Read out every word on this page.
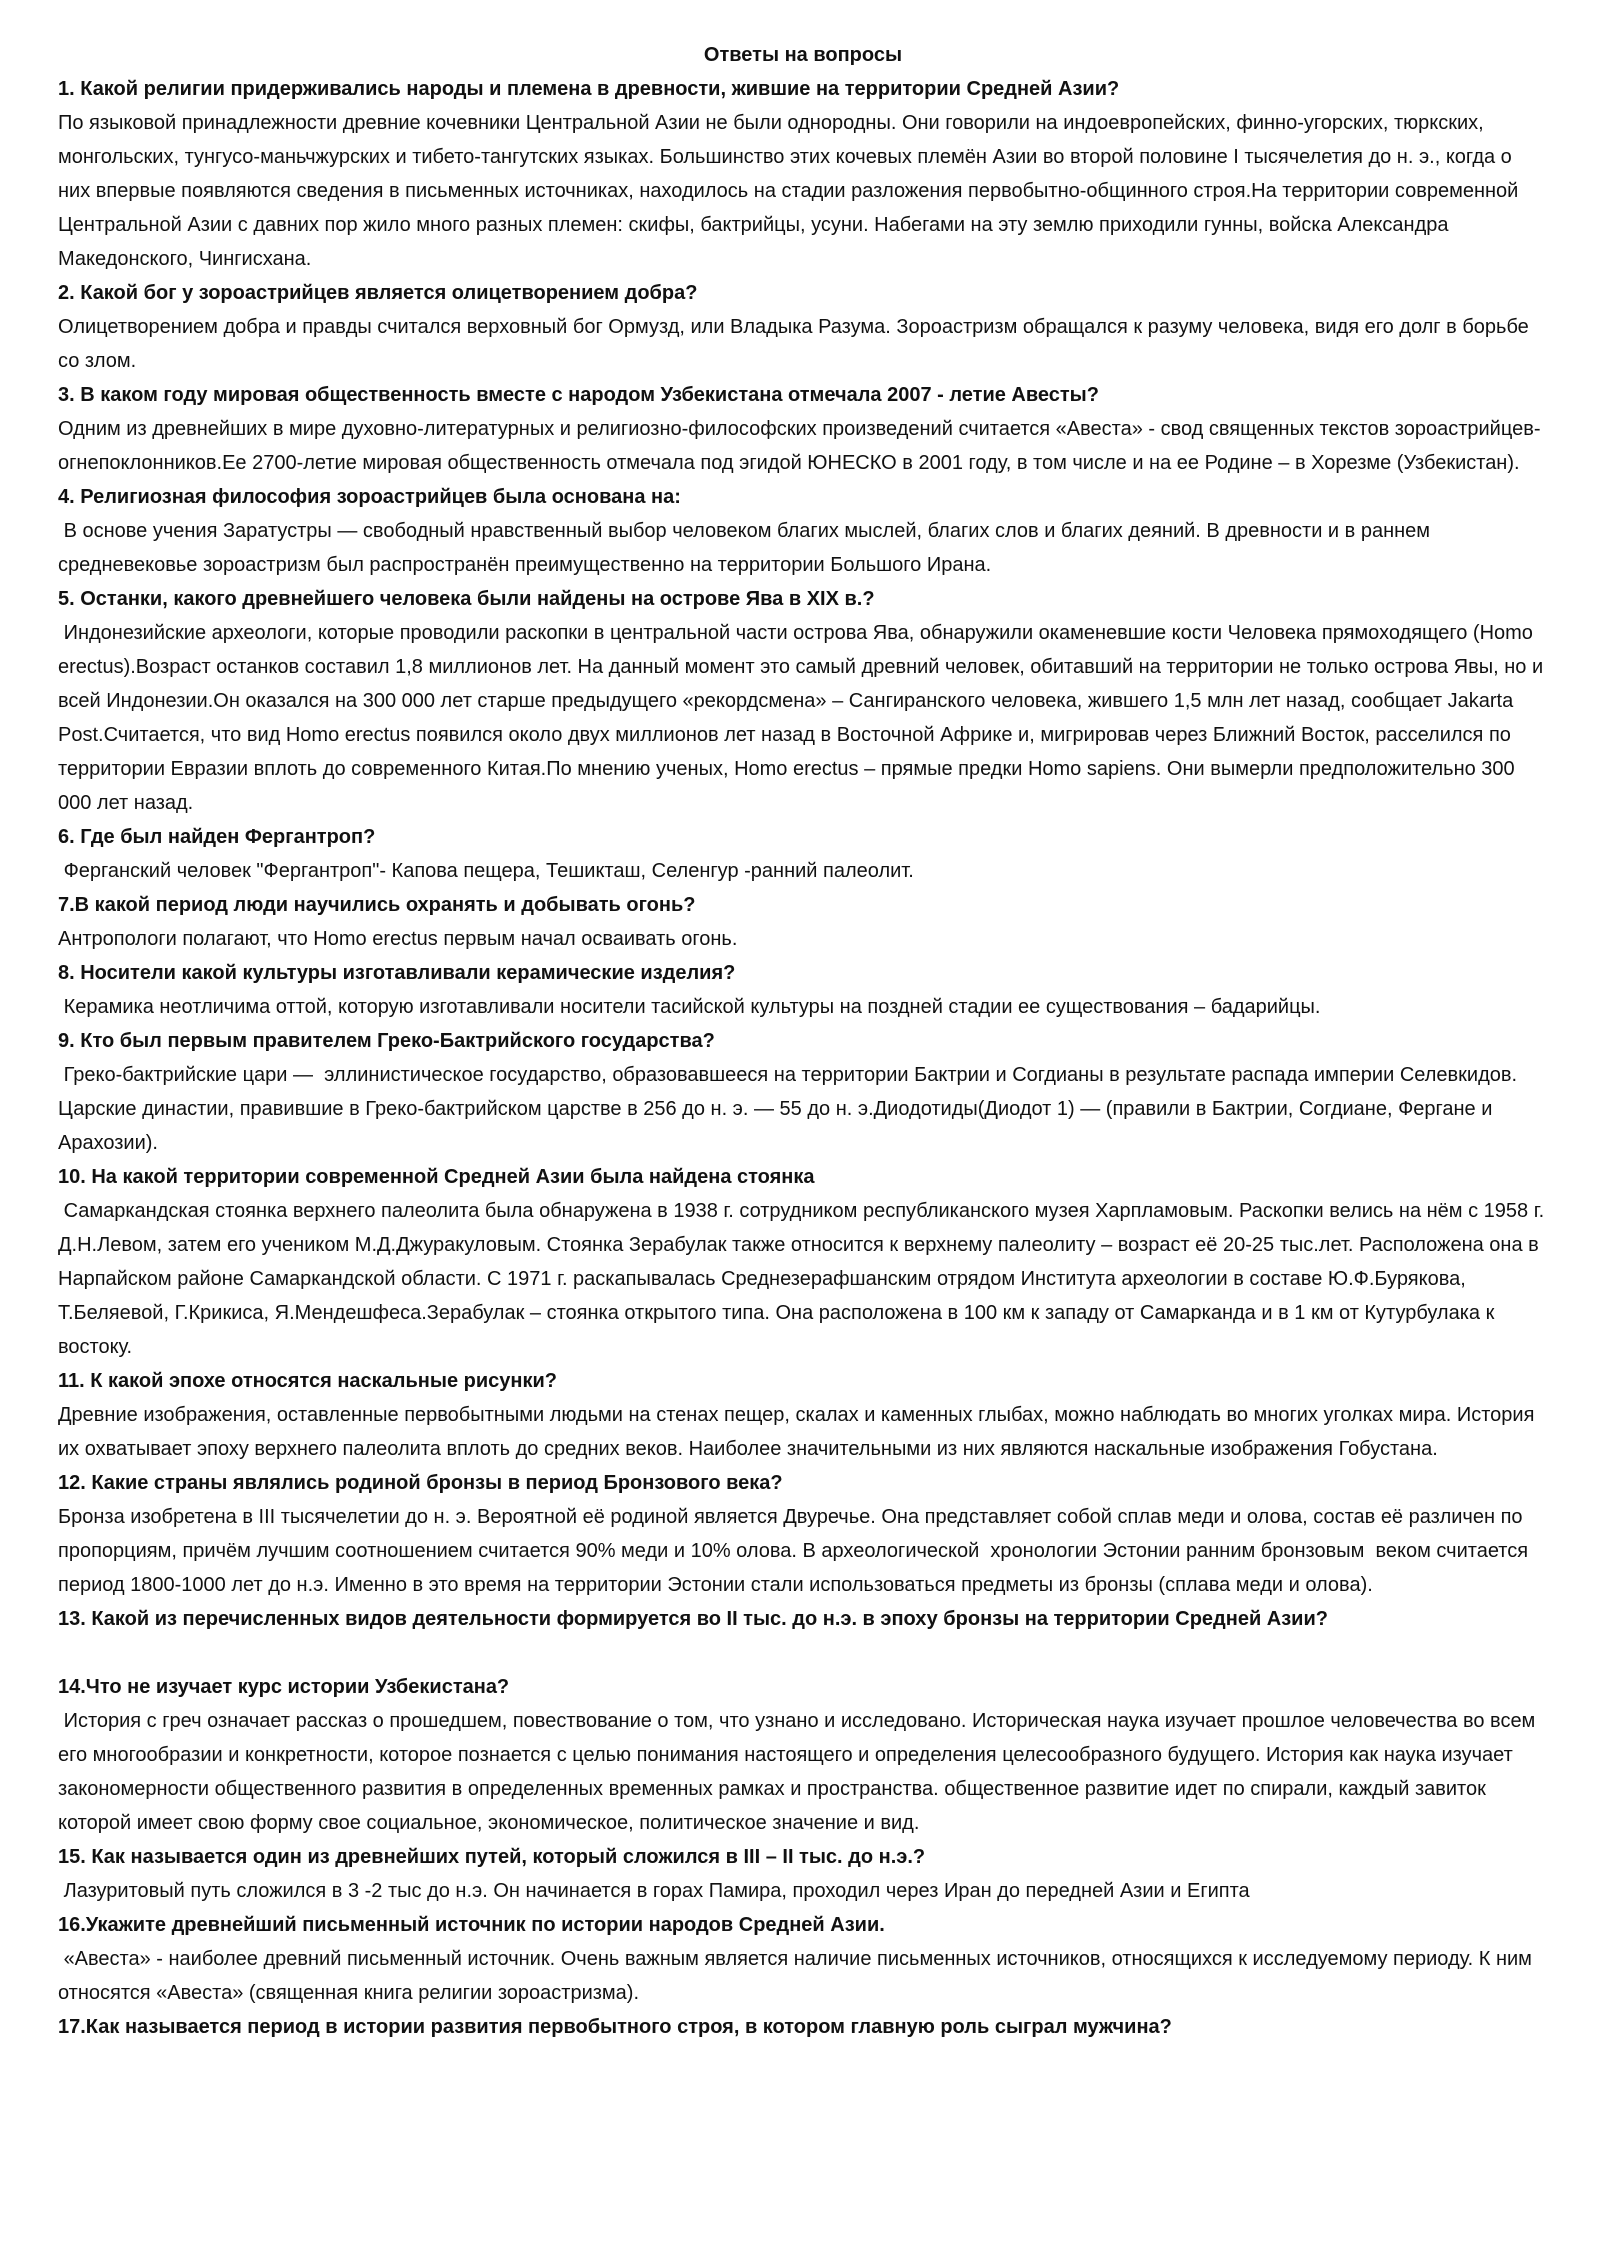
Ответы на вопросы

1. Какой религии придерживались народы и племена в древности, жившие на территории Средней Азии?

По языковой принадлежности древние кочевники Центральной Азии не были однородны. Они говорили на индоевропейских, финно-угорских, тюркских, монгольских, тунгусо-маньчжурских и тибето-тангутских языках. Большинство этих кочевых племён Азии во второй половине I тысячелетия до н. э., когда о них впервые появляются сведения в письменных источниках, находилось на стадии разложения первобытно-общинного строя.На территории современной Центральной Азии с давних пор жило много разных племен: скифы, бактрийцы, усуни. Набегами на эту землю приходили гунны, войска Александра Македонского, Чингисхана.

2. Какой бог у зороастрийцев является олицетворением добра?

Олицетворением добра и правды считался верховный бог Ормузд, или Владыка Разума. Зороастризм обращался к разуму человека, видя его долг в борьбе со злом.

3. В каком году мировая общественность вместе с народом Узбекистана отмечала 2007 - летие Авесты?

Одним из древнейших в мире духовно-литературных и религиозно-философских произведений считается «Авеста» - свод священных текстов зороастрийцев-огнепоклонников.Ее 2700-летие мировая общественность отмечала под эгидой ЮНЕСКО в 2001 году, в том числе и на ее Родине – в Хорезме (Узбекистан).

4. Религиозная философия зороастрийцев была основана на:

В основе учения Заратустры — свободный нравственный выбор человеком благих мыслей, благих слов и благих деяний. В древности и в раннем средневековье зороастризм был распространён преимущественно на территории Большого Ирана.

5. Останки, какого древнейшего человека были найдены на острове Ява в XIX в.?

Индонезийские археологи, которые проводили раскопки в центральной части острова Ява, обнаружили окаменевшие кости Человека прямоходящего (Homo erectus).Возраст останков составил 1,8 миллионов лет. На данный момент это самый древний человек, обитавший на территории не только острова Явы, но и всей Индонезии.Он оказался на 300 000 лет старше предыдущего «рекордсмена» – Сангиранского человека, жившего 1,5 млн лет назад, сообщает Jakarta Post.Считается, что вид Homo erectus появился около двух миллионов лет назад в Восточной Африке и, мигрировав через Ближний Восток, расселился по территории Евразии вплоть до современного Китая.По мнению ученых, Homo erectus – прямые предки Homo sapiens. Они вымерли предположительно 300 000 лет назад.

6. Где был найден Фергантроп?

Ферганский человек "Фергантроп"- Капова пещера, Тешикташ, Селенгур -ранний палеолит.

7.В какой период люди научились охранять и добывать огонь?

Антропологи полагают, что Homo erectus первым начал осваивать огонь.

8. Носители какой культуры изготавливали керамические изделия?

Керамика неотличима оттой, которую изготавливали носители тасийской культуры на поздней стадии ее существования – бадарийцы.

9. Кто был первым правителем Греко-Бактрийского государства?

Греко-бактрийские цари —  эллинистическое государство, образовавшееся на территории Бактрии и Согдианы в результате распада империи Селевкидов. Царские династии, правившие в Греко-бактрийском царстве в 256 до н. э. — 55 до н. э.Диодотиды(Диодот 1) — (правили в Бактрии, Согдиане, Фергане и Арахозии).

10. На какой территории современной Средней Азии была найдена стоянка

Самаркандская стоянка верхнего палеолита была обнаружена в 1938 г. сотрудником республиканского музея Харпламовым. Раскопки велись на нём с 1958 г. Д.Н.Левом, затем его учеником М.Д.Джуракуловым. Стоянка Зерабулак также относится к верхнему палеолиту – возраст её 20-25 тыс.лет. Расположена она в Нарпайском районе Самаркандской области. С 1971 г. раскапывалась Среднезерафшанским отрядом Института археологии в составе Ю.Ф.Бурякова, Т.Беляевой, Г.Крикиса, Я.Мендешфеса.Зерабулак – стоянка открытого типа. Она расположена в 100 км к западу от Самарканда и в 1 км от Кутурбулака к востоку.

11. К какой эпохе относятся наскальные рисунки?

Древние изображения, оставленные первобытными людьми на стенах пещер, скалах и каменных глыбах, можно наблюдать во многих уголках мира. История их охватывает эпоху верхнего палеолита вплоть до средних веков. Наиболее значительными из них являются наскальные изображения Гобустана.

12. Какие страны являлись родиной бронзы в период Бронзового века?

Бронза изобретена в III тысячелетии до н. э. Вероятной её родиной является Двуречье. Она представляет собой сплав меди и олова, состав её различен по пропорциям, причём лучшим соотношением считается 90% меди и 10% олова. В археологической  хронологии Эстонии ранним бронзовым  веком считается период 1800-1000 лет до н.э. Именно в это время на территории Эстонии стали использоваться предметы из бронзы (сплава меди и олова).

13. Какой из перечисленных видов деятельности формируется во II тыс. до н.э. в эпоху бронзы на территории Средней Азии?

14.Что не изучает курс истории Узбекистана?

История с греч означает рассказ о прошедшем, повествование о том, что узнано и исследовано. Историческая наука изучает прошлое человечества во всем его многообразии и конкретности, которое познается с целью понимания настоящего и определения целесообразного будущего. История как наука изучает закономерности общественного развития в определенных временных рамках и пространства. общественное развитие идет по спирали, каждый завиток которой имеет свою форму свое социальное, экономическое, политическое значение и вид.

15. Как называется один из древнейших путей, который сложился в III – II тыс. до н.э.?

Лазуритовый путь сложился в 3 -2 тыс до н.э. Он начинается в горах Памира, проходил через Иран до передней Азии и Египта

16.Укажите древнейший письменный источник по истории народов Средней Азии.

«Авеста» - наиболее древний письменный источник. Очень важным является наличие письменных источников, относящихся к исследуемому периоду. К ним относятся «Авеста» (священная книга религии зороастризма).

17.Как называется период в истории развития первобытного строя, в котором главную роль сыграл мужчина?
